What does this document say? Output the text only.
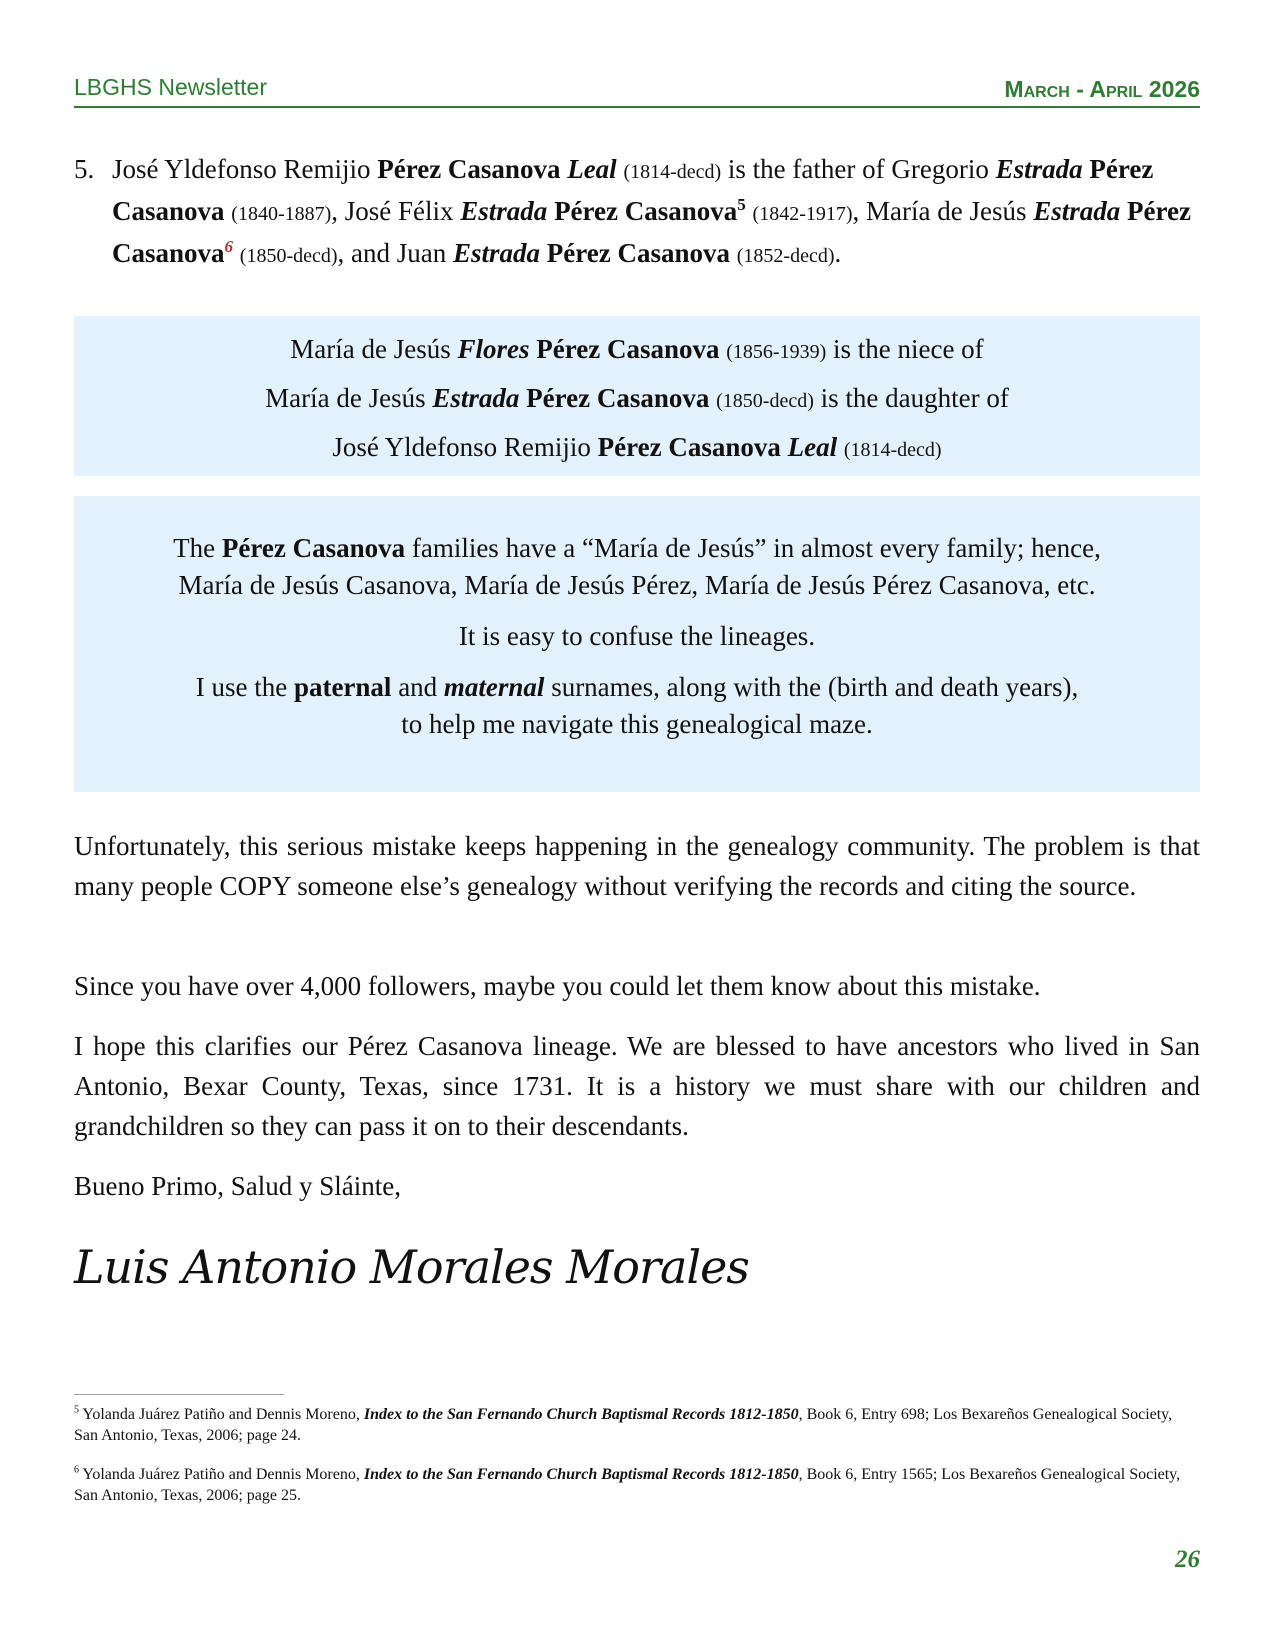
LBGHS Newsletter	March - April 2026
5. José Yldefonso Remijio Pérez Casanova Leal (1814-decd) is the father of Gregorio Estrada Pérez Casanova (1840-1887), José Félix Estrada Pérez Casanova$^5$ (1842-1917), María de Jesús Estrada Pérez Casanova$^6$ (1850-decd), and Juan Estrada Pérez Casanova (1852-decd).
María de Jesús Flores Pérez Casanova (1856-1939) is the niece of
María de Jesús Estrada Pérez Casanova (1850-decd) is the daughter of
José Yldefonso Remijio Pérez Casanova Leal (1814-decd)

The Pérez Casanova families have a “María de Jesús” in almost every family; hence,
María de Jesús Casanova, María de Jesús Pérez, María de Jesús Pérez Casanova, etc.

It is easy to confuse the lineages.

I use the paternal and maternal surnames, along with the (birth and death years),
to help me navigate this genealogical maze.

Unfortunately, this serious mistake keeps happening in the genealogy community. The problem is that many people COPY someone else’s genealogy without verifying the records and citing the source.

Since you have over 4,000 followers, maybe you could let them know about this mistake.

I hope this clarifies our Pérez Casanova lineage. We are blessed to have ancestors who lived in San Antonio, Bexar County, Texas, since 1731. It is a history we must share with our children and grandchildren so they can pass it on to their descendants.

Bueno Primo, Salud y Sláinte,

Luis Antonio Morales Morales
$^5$ Yolanda Juárez Patiño and Dennis Moreno, Index to the San Fernando Church Baptismal Records 1812-1850, Book 6, Entry 698; Los Bexareños Genealogical Society, San Antonio, Texas, 2006; page 24.
$^6$ Yolanda Juárez Patiño and Dennis Moreno, Index to the San Fernando Church Baptismal Records 1812-1850, Book 6, Entry 1565; Los Bexareños Genealogical Society, San Antonio, Texas, 2006; page 25.
26
